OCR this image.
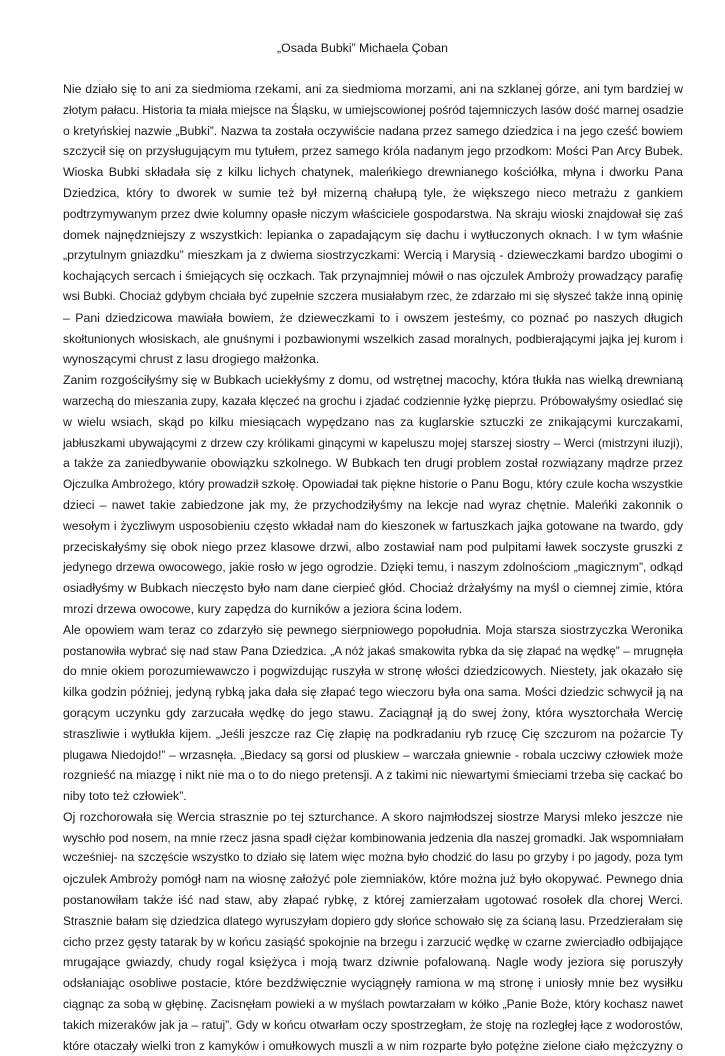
„Osada Bubki” Michaela Çoban
Nie działo się to ani za siedmioma rzekami, ani za siedmioma morzami, ani na szklanej górze, ani tym bardziej w
złotym pałacu. Historia ta miała miejsce na Śląsku, w umiejscowionej pośród tajemniczych lasów dość marnej osadzie
o kretyńskiej nazwie „Bubki”. Nazwa ta została oczywiście nadana przez samego dziedzica i na jego cześć bowiem
szczycił się on przysługującym mu tytułem, przez samego króla nadanym jego przodkom: Mości Pan Arcy Bubek.
Wioska Bubki składała się z kilku lichych chatynek, maleńkiego drewnianego kościółka, młyna i dworku Pana
Dziedzica, który to dworek w sumie też był mizerną chałupą tyle, że większego nieco metrażu z gankiem
podtrzymywanym przez dwie kolumny opasłe niczym właściciele gospodarstwa. Na skraju wioski znajdował się zaś
domek najnędzniejszy z wszystkich: lepianka o zapadającym się dachu i wytłuczonych oknach. I w tym właśnie
„przytulnym gniazdku” mieszkam ja z dwiema siostrzyczkami: Wercią i Marysią - dzieweczkami bardzo ubogimi o
kochających sercach i śmiejących się oczkach. Tak przynajmniej mówił o nas ojczulek Ambroży prowadzący parafię
wsi Bubki. Chociaż gdybym chciała być zupełnie szczera musiałabym rzec, że zdarzało mi się słyszeć także inną opinię
– Pani dziedzicowa mawiała bowiem, że dzieweczkami to i owszem jesteśmy, co poznać po naszych długich
skołtunionych włosiskach, ale gnuśnymi i pozbawionymi wszelkich zasad moralnych, podbierającymi jajka jej kurom i
wynoszącymi chrust z lasu drogiego małżonka.
Zanim rozgościłyśmy się w Bubkach uciekłyśmy z domu, od wstrętnej macochy, która tłukła nas wielką drewnianą
warzechą do mieszania zupy, kazała klęczeć na grochu i zjadać codziennie łyżkę pieprzu. Próbowałyśmy osiedlać się
w wielu wsiach, skąd po kilku miesiącach wypędzano nas za kuglarskie sztuczki ze znikającymi kurczakami,
jabłuszkami ubywającymi z drzew czy królikami ginącymi w kapeluszu mojej starszej siostry – Werci (mistrzyni iluzji),
a także za zaniedbywanie obowiązku szkolnego. W Bubkach ten drugi problem został rozwiązany mądrze przez
Ojczulka Ambrożego, który prowadził szkołę. Opowiadał tak piękne historie o Panu Bogu, który czule kocha wszystkie
dzieci – nawet takie zabiedzone jak my, że przychodziłyśmy na lekcje nad wyraz chętnie. Maleńki zakonnik o
wesołym i życzliwym usposobieniu często wkładał nam do kieszonek w fartuszkach jajka gotowane na twardo, gdy
przeciskałyśmy się obok niego przez klasowe drzwi, albo zostawiał nam pod pulpitami ławek soczyste gruszki z
jedynego drzewa owocowego, jakie rosło w jego ogrodzie. Dzięki temu, i naszym zdolnościom „magicznym”, odkąd
osiadłyśmy w Bubkach nieczęsto było nam dane cierpieć głód. Chociaż drżałyśmy na myśl o ciemnej zimie, która
mrozi drzewa owocowe, kury zapędza do kurników a jeziora ścina lodem.
Ale opowiem wam teraz co zdarzyło się pewnego sierpniowego popołudnia. Moja starsza siostrzyczka Weronika
postanowiła wybrać się nad staw Pana Dziedzica. „A nóż jakaś smakowita rybka da się złapać na wędkę” – mrugnęła
do mnie okiem porozumiewawczo i pogwizdując ruszyła w stronę włości dziedzicowych. Niestety, jak okazało się
kilka godzin później, jedyną rybką jaka dała się złapać tego wieczoru była ona sama. Mości dziedzic schwycił ją na
gorącym uczynku gdy zarzucała wędkę do jego stawu. Zaciągnął ją do swej żony, która wysztorchała Wercię
straszliwie i wytłukła kijem. „Jeśli jeszcze raz Cię złapię na podkradaniu ryb rzucę Cię szczurom na pożarcie Ty
plugawa Niedojdo!” – wrzasnęła. „Biedacy są gorsi od pluskiew – warczała gniewnie - robala uczciwy człowiek może
rozgnieść na miazgę i nikt nie ma o to do niego pretensji. A z takimi nic niewartymi śmieciami trzeba się cackać bo
niby toto też człowiek”.
Oj rozchorowała się Wercia strasznie po tej szturchance. A skoro najmłodszej siostrze Marysi mleko jeszcze nie
wyschło pod nosem, na mnie rzecz jasna spadł ciężar kombinowania jedzenia dla naszej gromadki. Jak wspomniałam
wcześniej- na szczęście wszystko to działo się latem więc można było chodzić do lasu po grzyby i po jagody, poza tym
ojczulek Ambroży pomógł nam na wiosnę założyć pole ziemniaków, które można już było okopywać. Pewnego dnia
postanowiłam także iść nad staw, aby złapać rybkę, z której zamierzałam ugotować rosołek dla chorej Werci.
Strasznie bałam się dziedzica dlatego wyruszyłam dopiero gdy słońce schowało się za ścianą lasu. Przedzierałam się
cicho przez gęsty tatarak by w końcu zasiąść spokojnie na brzegu i zarzucić wędkę w czarne zwierciadło odbijające
mrugające gwiazdy, chudy rogal księżyca i moją twarz dziwnie pofalowaną. Nagle wody jeziora się poruszyły
odsłaniając osobliwe postacie, które bezdźwięcznie wyciągnęły ramiona w mą stronę i uniosły mnie bez wysiłku
ciągnąc za sobą w głębinę. Zacisnęłam powieki a w myślach powtarzałam w kółko „Panie Boże, który kochasz nawet
takich mizeraków jak ja – ratuj”. Gdy w końcu otwarłam oczy spostrzegłam, że stoję na rozległej łące z wodorostów,
które otaczały wielki tron z kamyków i omułkowych muszli a w nim rozparte było potężne zielone ciało mężczyzny o
